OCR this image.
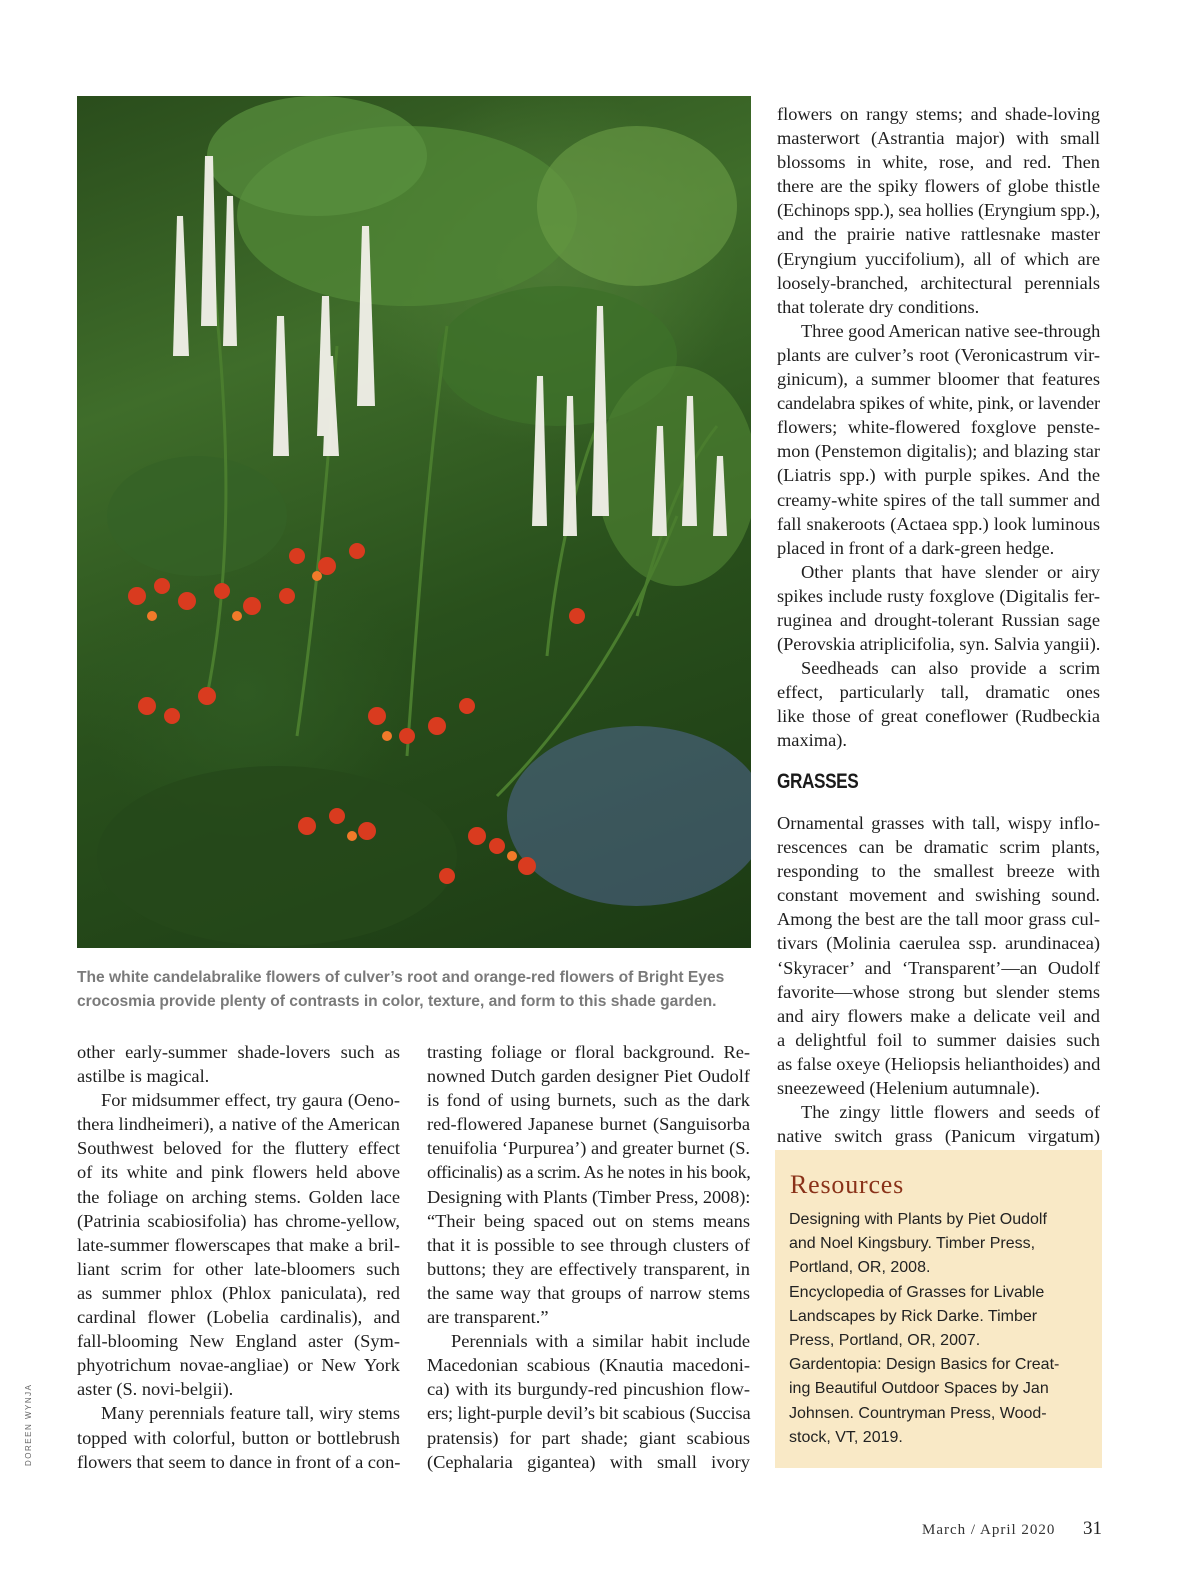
The white candelabralike flowers of culver’s root and orange-red flowers of Bright Eyes
crocosmia provide plenty of contrasts in color, texture, and form to this shade garden.
DOREEN WYNJA
other early-summer shade-lovers such as
astilbe is magical.
For midsummer effect, try gaura (Oeno-
thera lindheimeri), a native of the American
Southwest beloved for the fluttery effect
of its white and pink flowers held above
the foliage on arching stems. Golden lace
(Patrinia scabiosifolia) has chrome-yellow,
late-summer flowerscapes that make a bril-
liant scrim for other late-bloomers such
as summer phlox (Phlox paniculata), red
cardinal flower (Lobelia cardinalis), and
fall-blooming New England aster (Sym-
phyotrichum novae-angliae) or New York
aster (S. novi-belgii).
Many perennials feature tall, wiry stems
topped with colorful, button or bottlebrush
flowers that seem to dance in front of a con-
trasting foliage or floral background. Re-
nowned Dutch garden designer Piet Oudolf
is fond of using burnets, such as the dark
red-flowered Japanese burnet (Sanguisorba
tenuifolia ‘Purpurea’) and greater burnet (S.
officinalis) as a scrim. As he notes in his book,
Designing with Plants (Timber Press, 2008):
“Their being spaced out on stems means
that it is possible to see through clusters of
buttons; they are effectively transparent, in
the same way that groups of narrow stems
are transparent.”
Perennials with a similar habit include
Macedonian scabious (Knautia macedoni-
ca) with its burgundy-red pincushion flow-
ers; light-purple devil’s bit scabious (Succisa
pratensis) for part shade; giant scabious
(Cephalaria gigantea) with small ivory
flowers on rangy stems; and shade-loving
masterwort (Astrantia major) with small
blossoms in white, rose, and red. Then
there are the spiky flowers of globe thistle
(Echinops spp.), sea hollies (Eryngium spp.),
and the prairie native rattlesnake master
(Eryngium yuccifolium), all of which are
loosely-branched, architectural perennials
that tolerate dry conditions.
Three good American native see-through
plants are culver’s root (Veronicastrum vir-
ginicum), a summer bloomer that features
candelabra spikes of white, pink, or lavender
flowers; white-flowered foxglove penste-
mon (Penstemon digitalis); and blazing star
(Liatris spp.) with purple spikes. And the
creamy-white spires of the tall summer and
fall snakeroots (Actaea spp.) look luminous
placed in front of a dark-green hedge.
Other plants that have slender or airy
spikes include rusty foxglove (Digitalis fer-
ruginea and drought-tolerant Russian sage
(Perovskia atriplicifolia, syn. Salvia yangii).
Seedheads can also provide a scrim
effect, particularly tall, dramatic ones
like those of great coneflower (Rudbeckia
maxima).
GRASSES
Ornamental grasses with tall, wispy inflo-
rescences can be dramatic scrim plants,
responding to the smallest breeze with
constant movement and swishing sound.
Among the best are the tall moor grass cul-
tivars (Molinia caerulea ssp. arundinacea)
‘Skyracer’ and ‘Transparent’—an Oudolf
favorite—whose strong but slender stems
and airy flowers make a delicate veil and
a delightful foil to summer daisies such
as false oxeye (Heliopsis helianthoides) and
sneezeweed (Helenium autumnale).
The zingy little flowers and seeds of
native switch grass (Panicum virgatum)
Resources
Designing with Plants by Piet Oudolf
and Noel Kingsbury. Timber Press,
Portland, OR, 2008.
Encyclopedia of Grasses for Livable
Landscapes by Rick Darke. Timber
Press, Portland, OR, 2007.
Gardentopia: Design Basics for Creat-
ing Beautiful Outdoor Spaces by Jan
Johnsen. Countryman Press, Wood-
stock, VT, 2019.
March / April 2020 31
